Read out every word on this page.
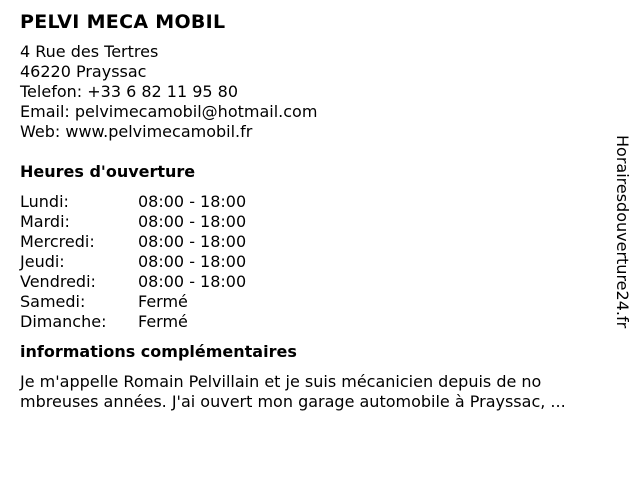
PELVI MECA MOBIL
4 Rue des Tertres
46220 Prayssac
Telefon: +33 6 82 11 95 80
Email: pelvimecamobil@hotmail.com
Web: www.pelvimecamobil.fr
Heures d'ouverture
Lundi:	08:00 - 18:00
Mardi:	08:00 - 18:00
Mercredi:	08:00 - 18:00
Jeudi:	08:00 - 18:00
Vendredi:	08:00 - 18:00
Samedi:	Fermé
Dimanche:	Fermé
informations complémentaires
Je m'appelle Romain Pelvillain et je suis mécanicien depuis de no
mbreuses années. J'ai ouvert mon garage automobile à Prayssac, ...
Horairesdouverture24.fr
